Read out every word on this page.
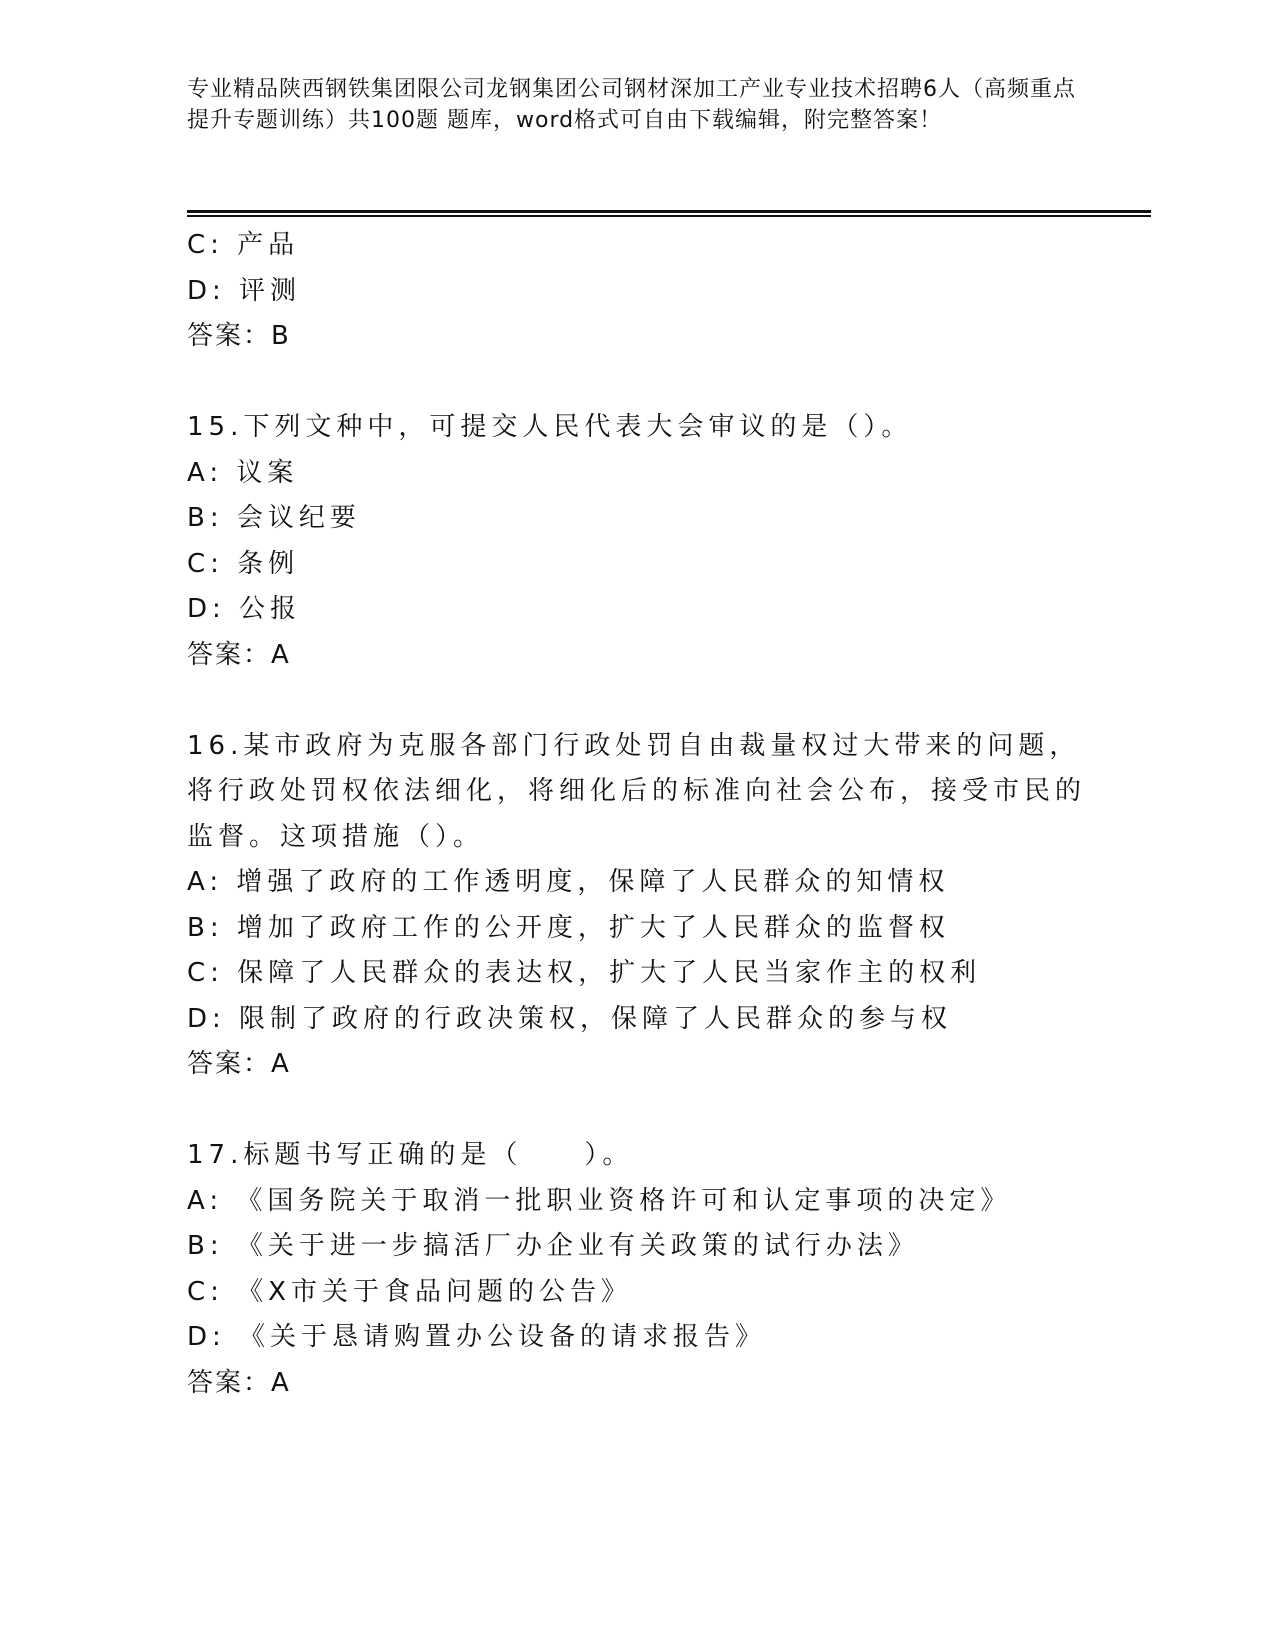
专业精品陕西钢铁集团限公司龙钢集团公司钢材深加工产业专业技术招聘6人（高频重点提升专题训练）共100题 题库，word格式可自由下载编辑，附完整答案！
C: 产品
D: 评测
答案：B
15.下列文种中，可提交人民代表大会审议的是（）。
A: 议案
B: 会议纪要
C: 条例
D: 公报
答案：A
16.某市政府为克服各部门行政处罚自由裁量权过大带来的问题，将行政处罚权依法细化，将细化后的标准向社会公布，接受市民的监督。这项措施（）。
A: 增强了政府的工作透明度，保障了人民群众的知情权
B: 增加了政府工作的公开度，扩大了人民群众的监督权
C: 保障了人民群众的表达权，扩大了人民当家作主的权利
D: 限制了政府的行政决策权，保障了人民群众的参与权
答案：A
17.标题书写正确的是（　　）。
A: 《国务院关于取消一批职业资格许可和认定事项的决定》
B: 《关于进一步搞活厂办企业有关政策的试行办法》
C: 《X市关于食品问题的公告》
D: 《关于恳请购置办公设备的请求报告》
答案：A
